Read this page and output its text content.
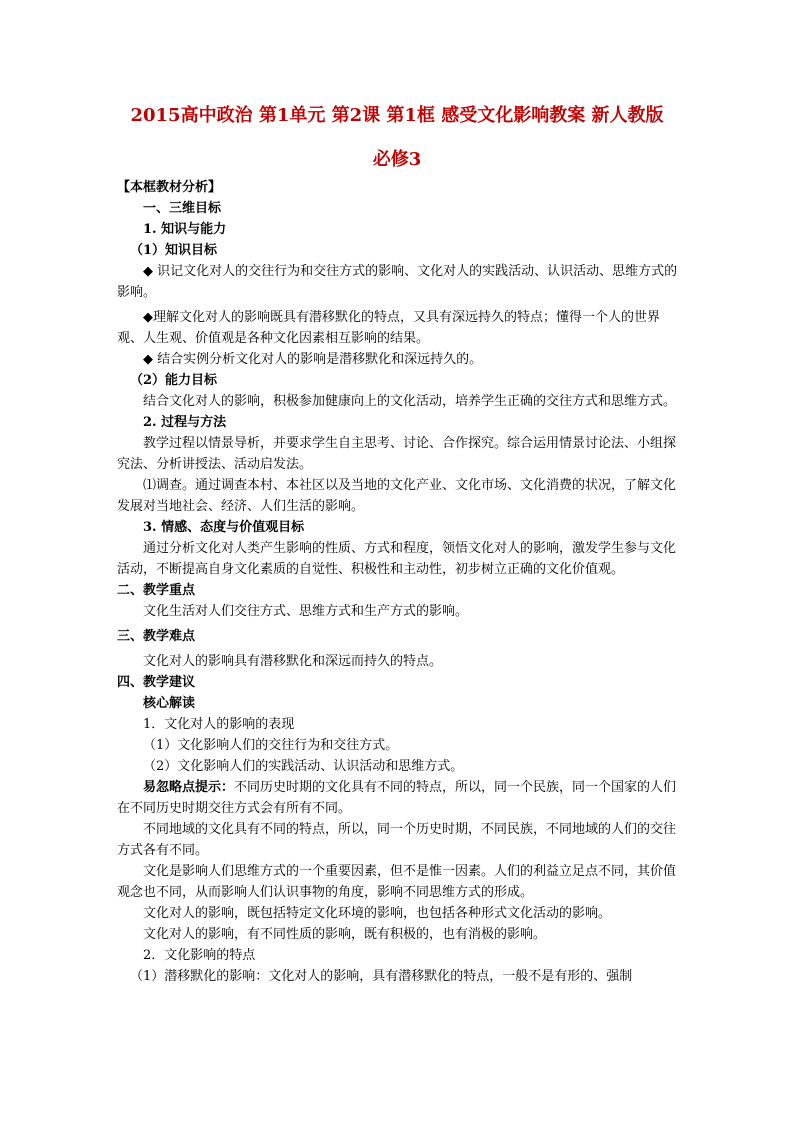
2015高中政治 第1单元 第2课 第1框 感受文化影响教案 新人教版
必修3

【本框教材分析】

一、三维目标

1. 知识与能力

（1）知识目标

◆ 识记文化对人的交往行为和交往方式的影响、文化对人的实践活动、认识活动、思维方式的影响。

◆理解文化对人的影响既具有潜移默化的特点，又具有深远持久的特点；懂得一个人的世界观、人生观、价值观是各种文化因素相互影响的结果。

◆ 结合实例分析文化对人的影响是潜移默化和深远持久的。

（2）能力目标

结合文化对人的影响，积极参加健康向上的文化活动，培养学生正确的交往方式和思维方式。

2. 过程与方法

教学过程以情景导析，并要求学生自主思考、讨论、合作探究。综合运用情景讨论法、小组探究法、分析讲授法、活动启发法。

⑴调查。通过调查本村、本社区以及当地的文化产业、文化市场、文化消费的状况，了解文化发展对当地社会、经济、人们生活的影响。

3. 情感、态度与价值观目标

通过分析文化对人类产生影响的性质、方式和程度，领悟文化对人的影响，激发学生参与文化活动，不断提高自身文化素质的自觉性、积极性和主动性，初步树立正确的文化价值观。

二、教学重点

文化生活对人们交往方式、思维方式和生产方式的影响。

三、教学难点

文化对人的影响具有潜移默化和深远而持久的特点。

四、教学建议

核心解读

1．文化对人的影响的表现

（1）文化影响人们的交往行为和交往方式。

（2）文化影响人们的实践活动、认识活动和思维方式。

易忽略点提示：不同历史时期的文化具有不同的特点，所以，同一个民族，同一个国家的人们在不同历史时期交往方式会有所有不同。

不同地域的文化具有不同的特点，所以，同一个历史时期，不同民族，不同地域的人们的交往方式各有不同。

文化是影响人们思维方式的一个重要因素，但不是惟一因素。人们的利益立足点不同，其价值观念也不同，从而影响人们认识事物的角度，影响不同思维方式的形成。

文化对人的影响，既包括特定文化环境的影响，也包括各种形式文化活动的影响。

文化对人的影响，有不同性质的影响，既有积极的，也有消极的影响。

2．文化影响的特点

（1）潜移默化的影响：文化对人的影响，具有潜移默化的特点，一般不是有形的、强制
